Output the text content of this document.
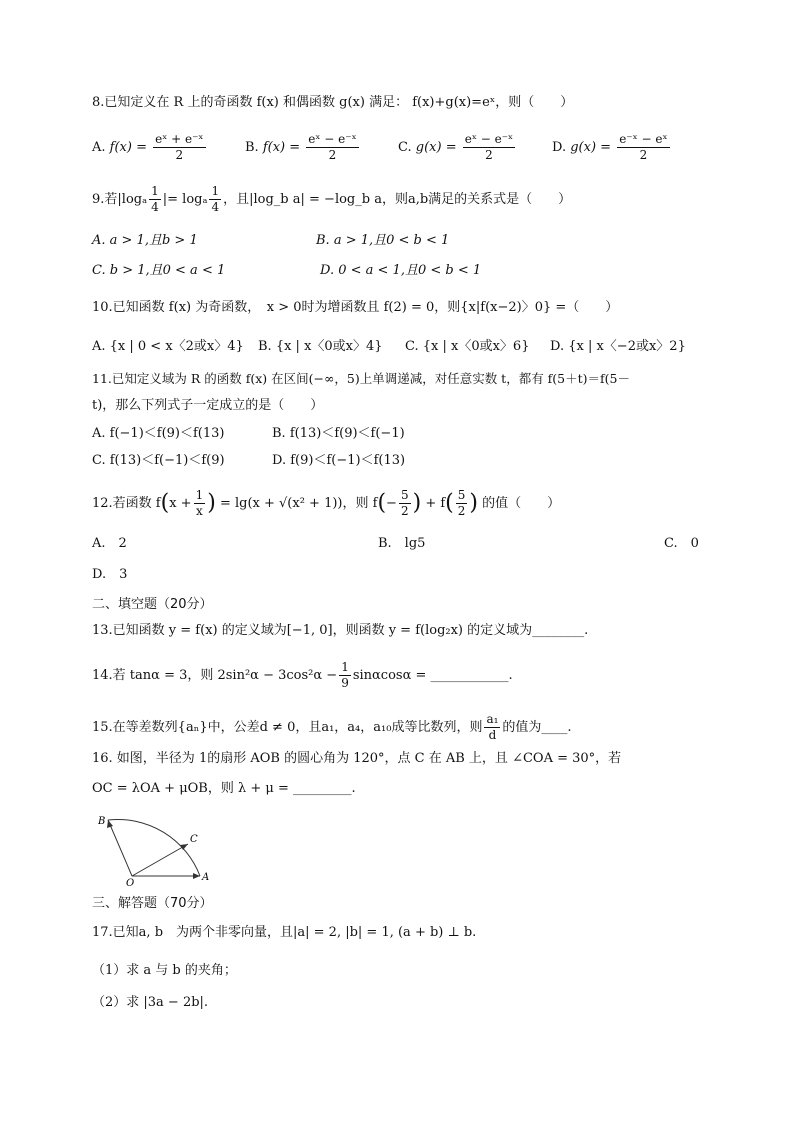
8.已知定义在 R 上的奇函数 f(x) 和偶函数 g(x) 满足： f(x)+g(x)=eˣ，则（　　）
A. $f(x) = \frac{\text{eˣ + e⁻ˣ}}{2}$	B. $f(x) = \frac{\text{eˣ − e⁻ˣ}}{2}$	C. $g(x) = \frac{\text{eˣ − e⁻ˣ}}{2}$	D. $g(x) = \frac{\text{e⁻ˣ − eˣ}}{2}$
9.若$|\log_a \frac{1}{4}$ |= logₐ $\frac{1}{4}$ ，且|log_b a| = −log_b a，则a,b满足的关系式是（　　）
A. a > 1,且b > 1	B. a > 1,且0 < b < 1
C. b > 1,且0 < a < 1	D. 0 < a < 1,且0 < b < 1
10.已知函数 f(x) 为奇函数，　x > 0时为增函数且 f(2) = 0，则{x|f(x−2)〉0} =（　　）
A. {x | 0 < x〈2或x〉4} B. {x | x〈0或x〉4} C. {x | x〈0或x〉6} D. {x | x〈−2或x〉2}
11.已知定义域为 R 的函数 f(x) 在区间(−∞，5)上单调递减，对任意实数 t，都有 f(5＋t)＝f(5－
t)，那么下列式子一定成立的是（　　）
A. f(−1)＜f(9)＜f(13)	B. f(13)＜f(9)＜f(−1)
C. f(13)＜f(−1)＜f(9)	D. f(9)＜f(−1)＜f(13)
12.若函数 $f(x + \frac{1}{x}$ ) = lg(x + √(x² + 1))，则 $f(- \frac{5}{2}$ ) + $f( \frac{5}{2}$ ) 的值（　　）
A.　2	B.　lg5	C.　0
D.　3
二、填空题（20分）
13.已知函数 y = f(x) 的定义域为[−1, 0]，则函数 y = f(log₂x) 的定义域为________.
14.若 tanα = 3，则 $2\sin^2\alpha - 3\cos^2\alpha - \frac{1}{9}$ sinαcosα = ____________.
15.在等差数列{aₙ}中，公差d ≠ 0，且a₁，a₄，a₁₀成等比数列，则 $\frac{\text{a₁}}{d}$ 的值为____.
16. 如图，半径为 1的扇形 AOB 的圆心角为 120°，点 C 在 AB 上，且 ∠COA = 30°，若
OC = λOA + μOB，则 λ + μ = _________.
B
C
O
A
三、解答题（70分）
17.已知a, b　为两个非零向量，且|a| = 2, |b| = 1, (a + b) ⊥ b.
（1）求 a 与 b 的夹角；
（2）求 |3a − 2b|.
